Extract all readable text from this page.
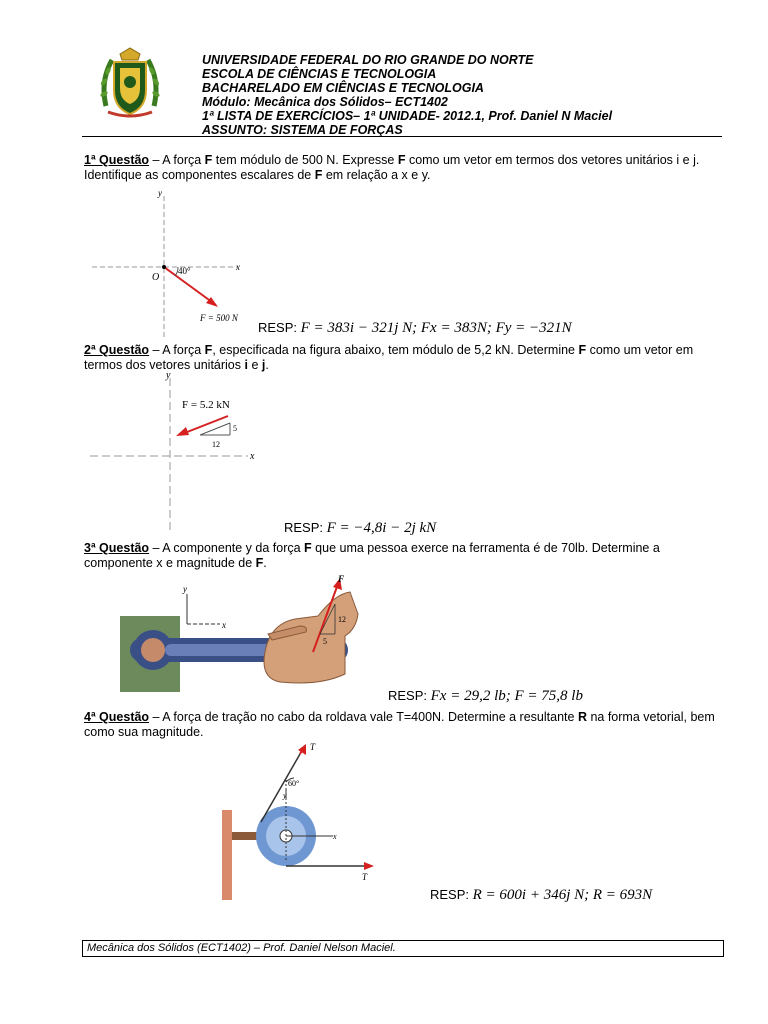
UNIVERSIDADE FEDERAL DO RIO GRANDE DO NORTE
ESCOLA DE CIÊNCIAS E TECNOLOGIA
BACHARELADO EM CIÊNCIAS E TECNOLOGIA
Módulo: Mecânica dos Sólidos– ECT1402
1ª LISTA DE EXERCÍCIOS– 1ª UNIDADE- 2012.1, Prof. Daniel N Maciel
ASSUNTO: SISTEMA DE FORÇAS
1ª Questão – A força F tem módulo de 500 N. Expresse F como um vetor em termos dos vetores unitários i e j. Identifique as componentes escalares de F em relação a x e y.
y
x
O
40°
F = 500 N
RESP: F = 383i − 321j N; Fx = 383N; Fy = −321N
2ª Questão – A força F, especificada na figura abaixo, tem módulo de 5,2 kN. Determine F como um vetor em termos dos vetores unitários i e j.
y
x
F = 5.2 kN
5
12
RESP: F = −4,8i − 2j kN
3ª Questão – A componente y da força F que uma pessoa exerce na ferramenta é de 70lb. Determine a componente x e magnitude de F.
y
x
F
12
5
RESP: Fx = 29,2 lb; F = 75,8 lb
4ª Questão – A força de tração no cabo da roldava vale T=400N. Determine a resultante R na forma vetorial, bem como sua magnitude.
y
x
60°
T
T
RESP: R = 600i + 346j N; R = 693N
Mecânica dos Sólidos (ECT1402) – Prof. Daniel Nelson Maciel.
